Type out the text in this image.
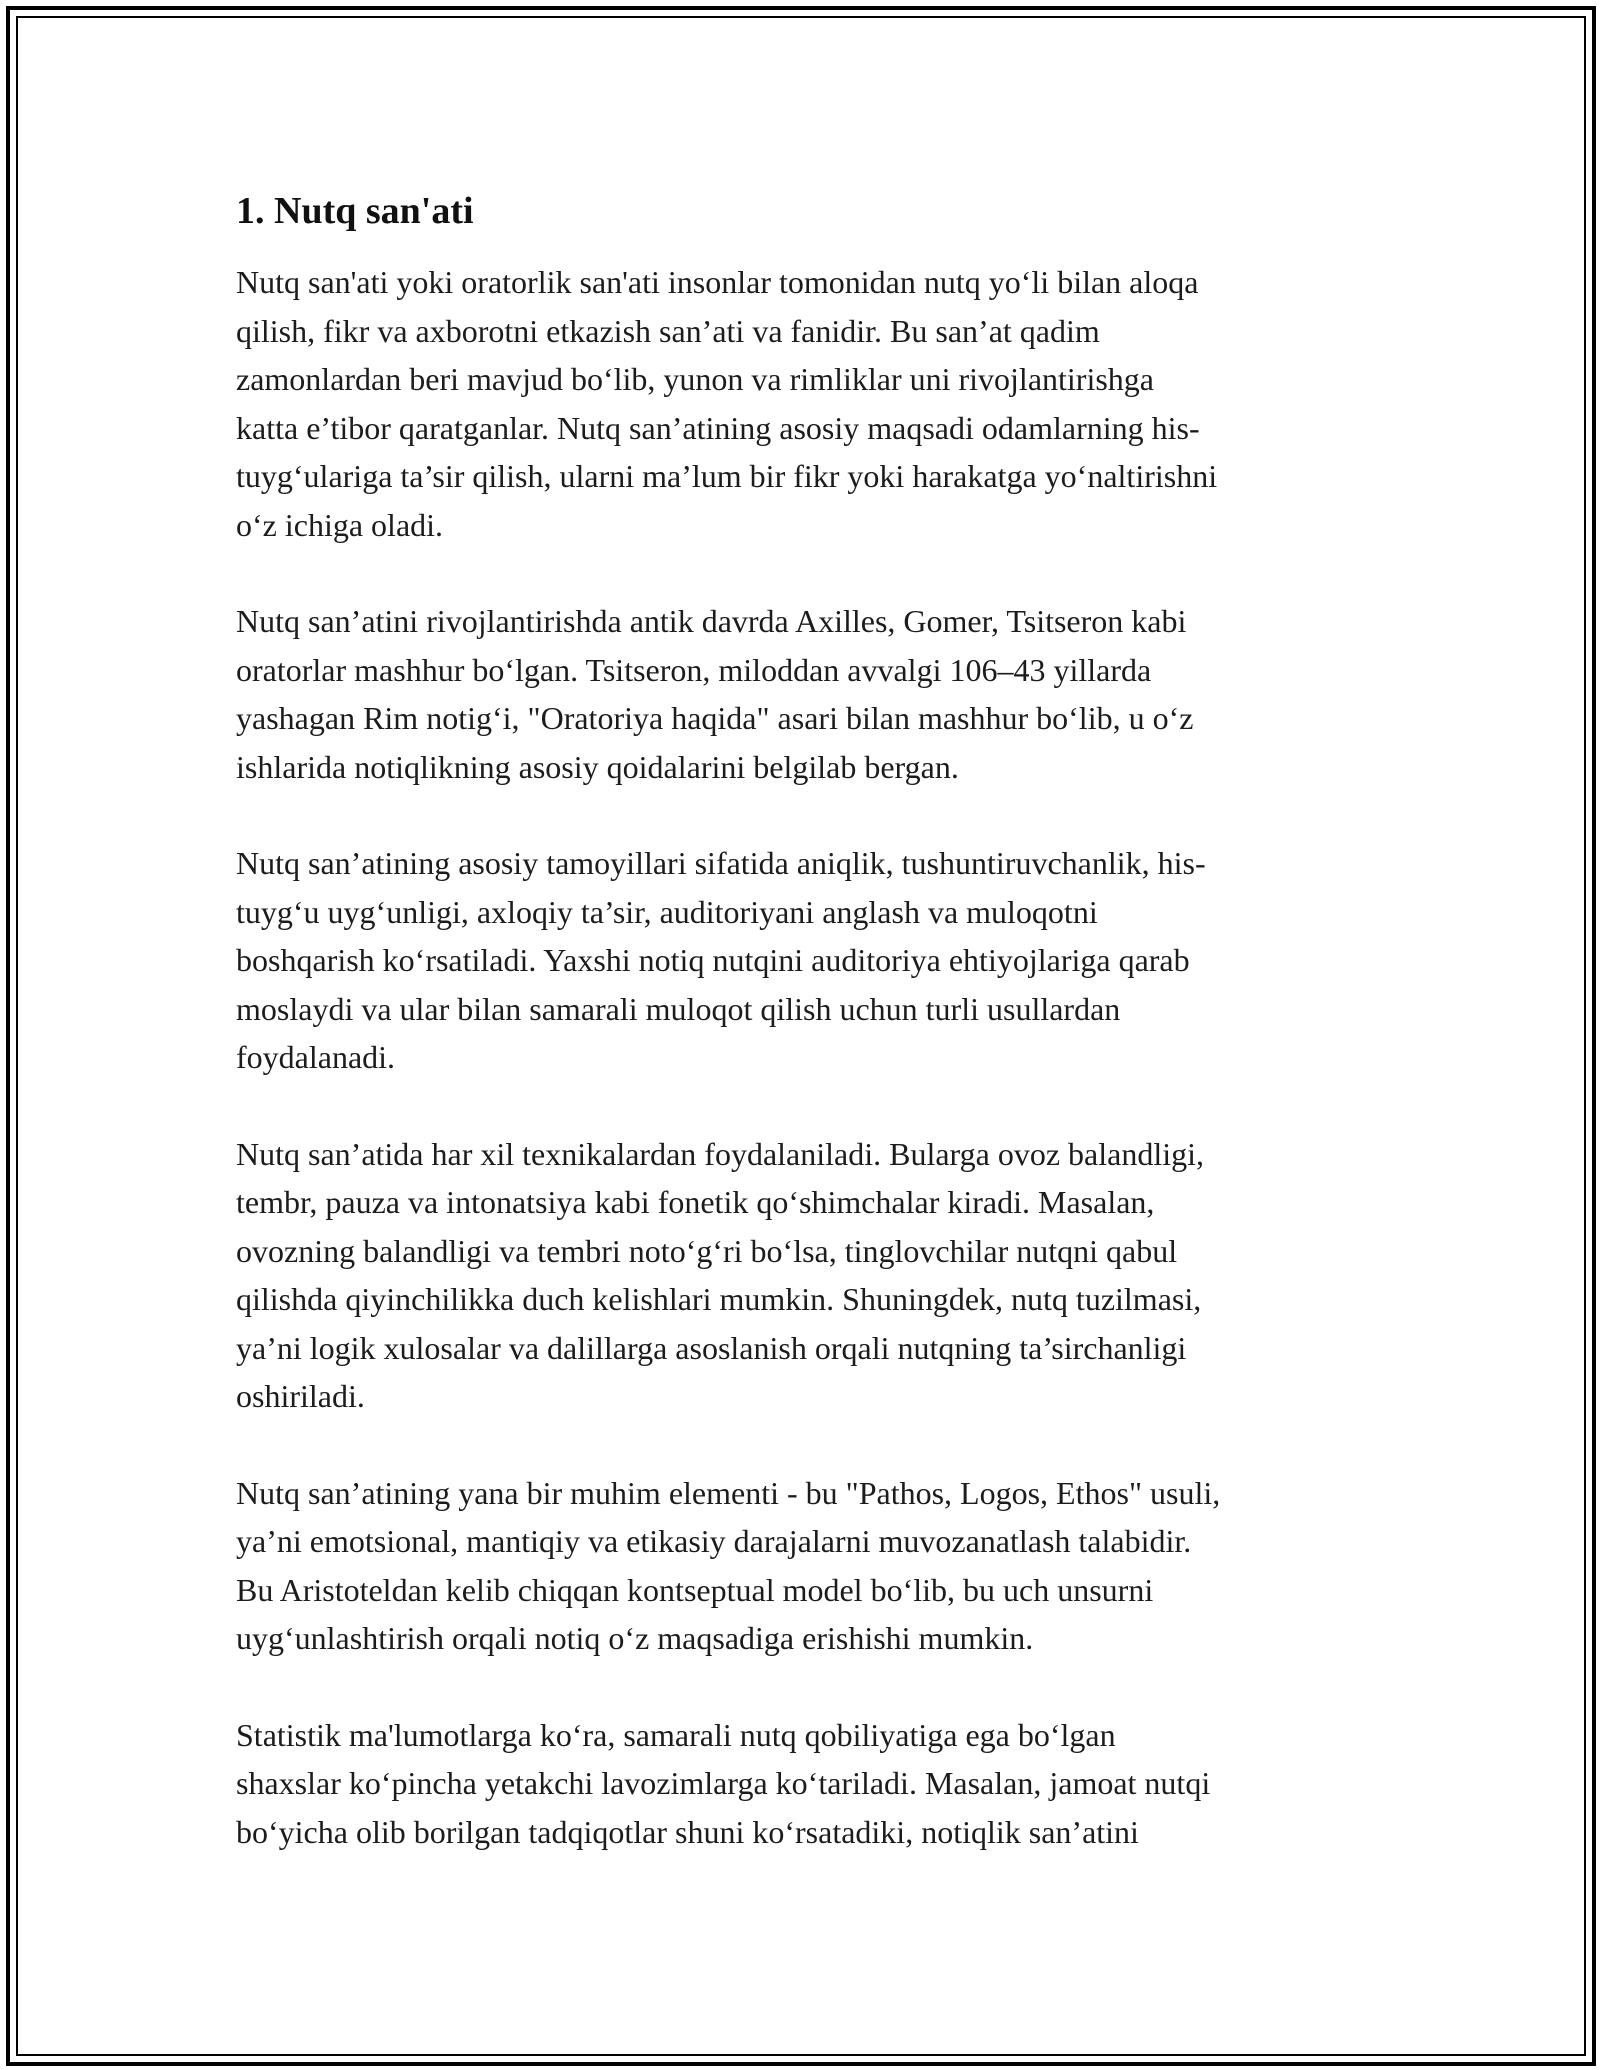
1. Nutq san'ati
Nutq san'ati yoki oratorlik san'ati insonlar tomonidan nutq yo‘li bilan aloqa
qilish, fikr va axborotni etkazish san’ati va fanidir. Bu san’at qadim
zamonlardan beri mavjud bo‘lib, yunon va rimliklar uni rivojlantirishga
katta e’tibor qaratganlar. Nutq san’atining asosiy maqsadi odamlarning his-
tuyg‘ulariga ta’sir qilish, ularni ma’lum bir fikr yoki harakatga yo‘naltirishni
o‘z ichiga oladi.
Nutq san’atini rivojlantirishda antik davrda Axilles, Gomer, Tsitseron kabi
oratorlar mashhur bo‘lgan. Tsitseron, miloddan avvalgi 106–43 yillarda
yashagan Rim notig‘i, "Oratoriya haqida" asari bilan mashhur bo‘lib, u o‘z
ishlarida notiqlikning asosiy qoidalarini belgilab bergan.
Nutq san’atining asosiy tamoyillari sifatida aniqlik, tushuntiruvchanlik, his-
tuyg‘u uyg‘unligi, axloqiy ta’sir, auditoriyani anglash va muloqotni
boshqarish ko‘rsatiladi. Yaxshi notiq nutqini auditoriya ehtiyojlariga qarab
moslaydi va ular bilan samarali muloqot qilish uchun turli usullardan
foydalanadi.
Nutq san’atida har xil texnikalardan foydalaniladi. Bularga ovoz balandligi,
tembr, pauza va intonatsiya kabi fonetik qo‘shimchalar kiradi. Masalan,
ovozning balandligi va tembri noto‘g‘ri bo‘lsa, tinglovchilar nutqni qabul
qilishda qiyinchilikka duch kelishlari mumkin. Shuningdek, nutq tuzilmasi,
ya’ni logik xulosalar va dalillarga asoslanish orqali nutqning ta’sirchanligi
oshiriladi.
Nutq san’atining yana bir muhim elementi - bu "Pathos, Logos, Ethos" usuli,
ya’ni emotsional, mantiqiy va etikasiy darajalarni muvozanatlash talabidir.
Bu Aristoteldan kelib chiqqan kontseptual model bo‘lib, bu uch unsurni
uyg‘unlashtirish orqali notiq o‘z maqsadiga erishishi mumkin.
Statistik ma'lumotlarga ko‘ra, samarali nutq qobiliyatiga ega bo‘lgan
shaxslar ko‘pincha yetakchi lavozimlarga ko‘tariladi. Masalan, jamoat nutqi
bo‘yicha olib borilgan tadqiqotlar shuni ko‘rsatadiki, notiqlik san’atini
